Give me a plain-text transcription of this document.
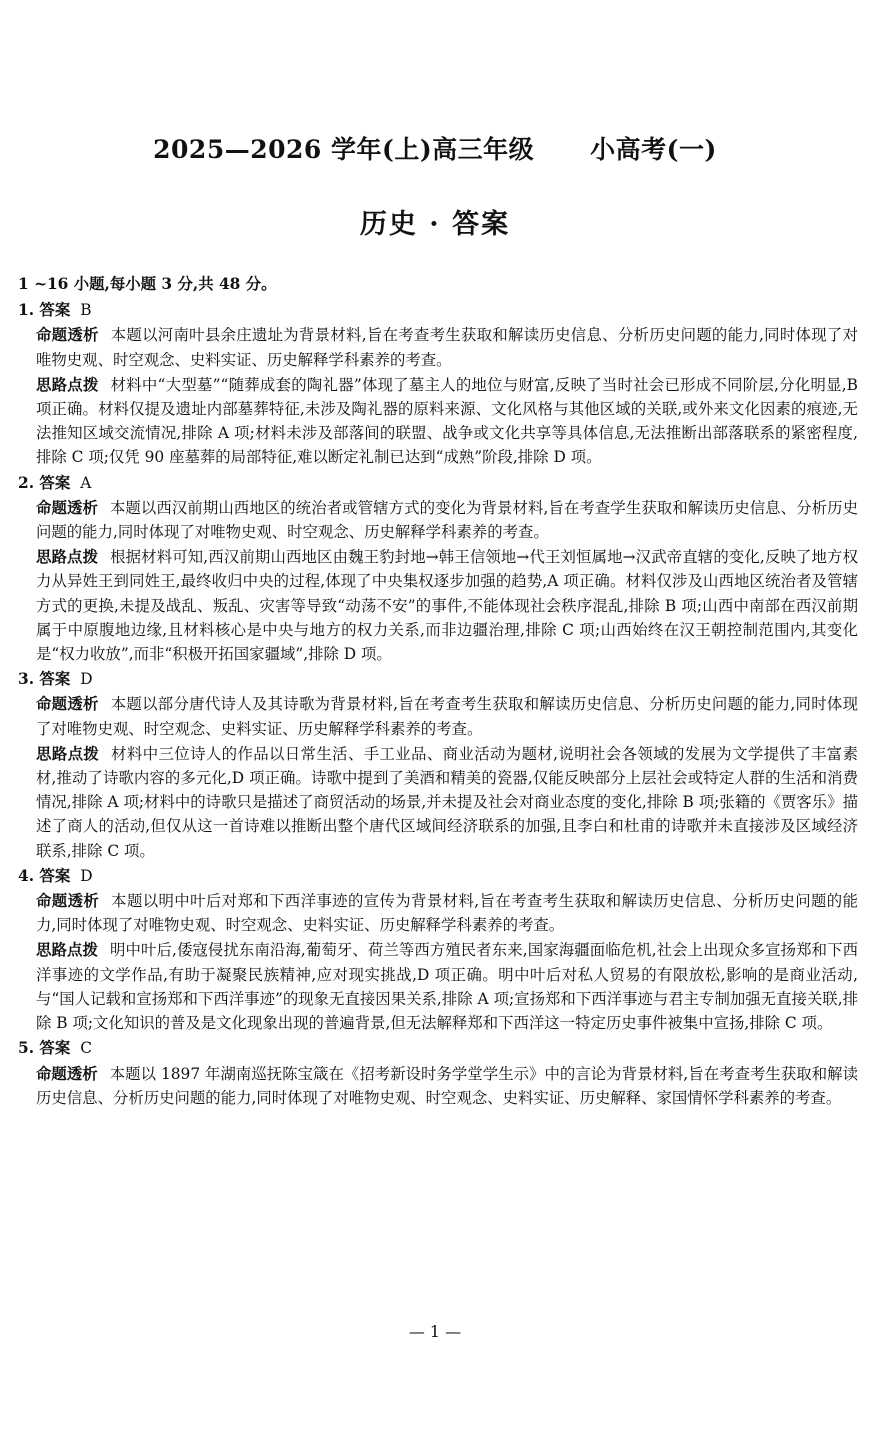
2025—2026 学年(上)高三年级 小高考(一)
历史 · 答案
1 ~16 小题,每小题 3 分,共 48 分。
1. 答案 B
命题透析 本题以河南叶县余庄遗址为背景材料,旨在考查考生获取和解读历史信息、分析历史问题的能力,同时体现了对唯物史观、时空观念、史料实证、历史解释学科素养的考查。
思路点拨 材料中“大型墓”“随葬成套的陶礼器”体现了墓主人的地位与财富,反映了当时社会已形成不同阶层,分化明显,B 项正确。材料仅提及遗址内部墓葬特征,未涉及陶礼器的原料来源、文化风格与其他区域的关联,或外来文化因素的痕迹,无法推知区域交流情况,排除 A 项;材料未涉及部落间的联盟、战争或文化共享等具体信息,无法推断出部落联系的紧密程度,排除 C 项;仅凭 90 座墓葬的局部特征,难以断定礼制已达到“成熟”阶段,排除 D 项。
2. 答案 A
命题透析 本题以西汉前期山西地区的统治者或管辖方式的变化为背景材料,旨在考查学生获取和解读历史信息、分析历史问题的能力,同时体现了对唯物史观、时空观念、历史解释学科素养的考查。
思路点拨 根据材料可知,西汉前期山西地区由魏王豹封地→韩王信领地→代王刘恒属地→汉武帝直辖的变化,反映了地方权力从异姓王到同姓王,最终收归中央的过程,体现了中央集权逐步加强的趋势,A 项正确。材料仅涉及山西地区统治者及管辖方式的更换,未提及战乱、叛乱、灾害等导致“动荡不安”的事件,不能体现社会秩序混乱,排除 B 项;山西中南部在西汉前期属于中原腹地边缘,且材料核心是中央与地方的权力关系,而非边疆治理,排除 C 项;山西始终在汉王朝控制范围内,其变化是“权力收放”,而非“积极开拓国家疆域”,排除 D 项。
3. 答案 D
命题透析 本题以部分唐代诗人及其诗歌为背景材料,旨在考查考生获取和解读历史信息、分析历史问题的能力,同时体现了对唯物史观、时空观念、史料实证、历史解释学科素养的考查。
思路点拨 材料中三位诗人的作品以日常生活、手工业品、商业活动为题材,说明社会各领域的发展为文学提供了丰富素材,推动了诗歌内容的多元化,D 项正确。诗歌中提到了美酒和精美的瓷器,仅能反映部分上层社会或特定人群的生活和消费情况,排除 A 项;材料中的诗歌只是描述了商贸活动的场景,并未提及社会对商业态度的变化,排除 B 项;张籍的《贾客乐》描述了商人的活动,但仅从这一首诗难以推断出整个唐代区域间经济联系的加强,且李白和杜甫的诗歌并未直接涉及区域经济联系,排除 C 项。
4. 答案 D
命题透析 本题以明中叶后对郑和下西洋事迹的宣传为背景材料,旨在考查考生获取和解读历史信息、分析历史问题的能力,同时体现了对唯物史观、时空观念、史料实证、历史解释学科素养的考查。
思路点拨 明中叶后,倭寇侵扰东南沿海,葡萄牙、荷兰等西方殖民者东来,国家海疆面临危机,社会上出现众多宣扬郑和下西洋事迹的文学作品,有助于凝聚民族精神,应对现实挑战,D 项正确。明中叶后对私人贸易的有限放松,影响的是商业活动,与“国人记载和宣扬郑和下西洋事迹”的现象无直接因果关系,排除 A 项;宣扬郑和下西洋事迹与君主专制加强无直接关联,排除 B 项;文化知识的普及是文化现象出现的普遍背景,但无法解释郑和下西洋这一特定历史事件被集中宣扬,排除 C 项。
5. 答案 C
命题透析 本题以 1897 年湖南巡抚陈宝箴在《招考新设时务学堂学生示》中的言论为背景材料,旨在考查考生获取和解读历史信息、分析历史问题的能力,同时体现了对唯物史观、时空观念、史料实证、历史解释、家国情怀学科素养的考查。
— 1 —
